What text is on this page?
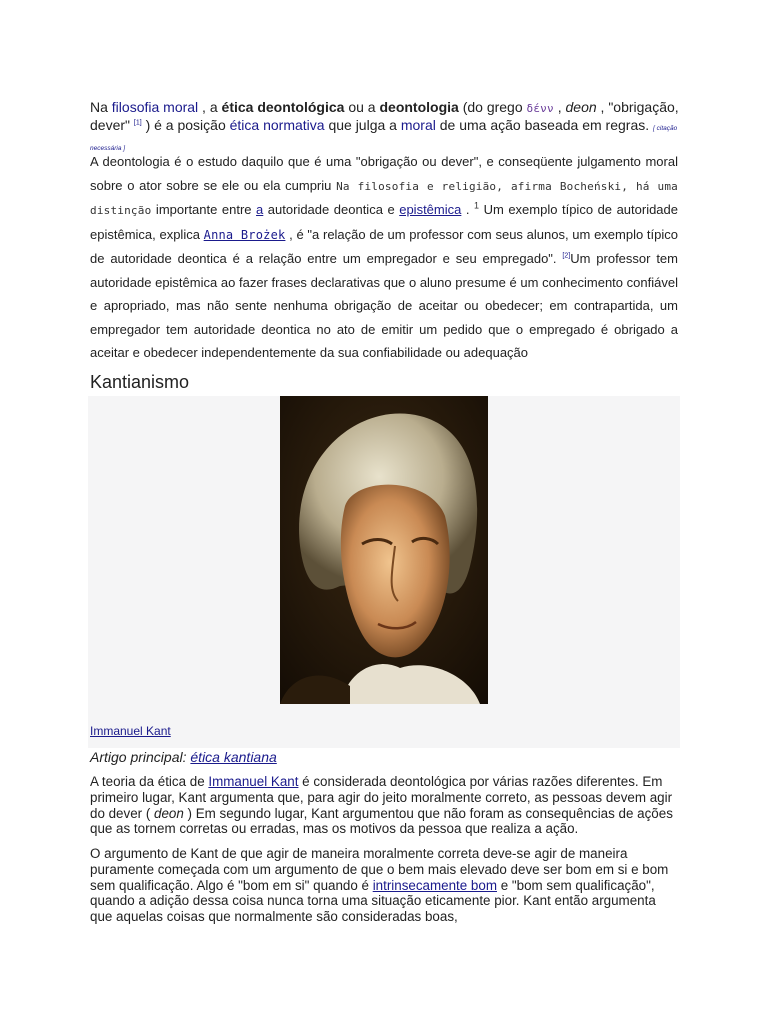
Na filosofia moral , a ética deontológica ou a deontologia (do grego δένν , deon , "obrigação, dever" [1] ) é a posição ética normativa que julga a moral de uma ação baseada em regras. [ citação necessária ]
A deontologia é o estudo daquilo que é uma "obrigação ou dever", e conseqüente julgamento moral sobre o ator sobre se ele ou ela cumpriu Na filosofia e religião, afirma Bocheński, há uma distinção importante entre a autoridade deontica e epistêmica . $^1$ Um exemplo típico de autoridade epistêmica, explica Anna Brożek , é "a relação de um professor com seus alunos, um exemplo típico de autoridade deontica é a relação entre um empregador e seu empregado". [2]Um professor tem autoridade epistêmica ao fazer frases declarativas que o aluno presume é um conhecimento confiável e apropriado, mas não sente nenhuma obrigação de aceitar ou obedecer; em contrapartida, um empregador tem autoridade deontica no ato de emitir um pedido que o empregado é obrigado a aceitar e obedecer independentemente da sua confiabilidade ou adequação
Kantianismo
Immanuel Kant
Artigo principal: ética kantiana
A teoria da ética de Immanuel Kant é considerada deontológica por várias razões diferentes. Em primeiro lugar, Kant argumenta que, para agir do jeito moralmente correto, as pessoas devem agir do dever ( deon ) Em segundo lugar, Kant argumentou que não foram as consequências de ações que as tornem corretas ou erradas, mas os motivos da pessoa que realiza a ação.
O argumento de Kant de que agir de maneira moralmente correta deve-se agir de maneira puramente começada com um argumento de que o bem mais elevado deve ser bom em si e bom sem qualificação. Algo é "bom em si" quando é intrinsecamente bom e "bom sem qualificação", quando a adição dessa coisa nunca torna uma situação eticamente pior. Kant então argumenta que aquelas coisas que normalmente são consideradas boas,
